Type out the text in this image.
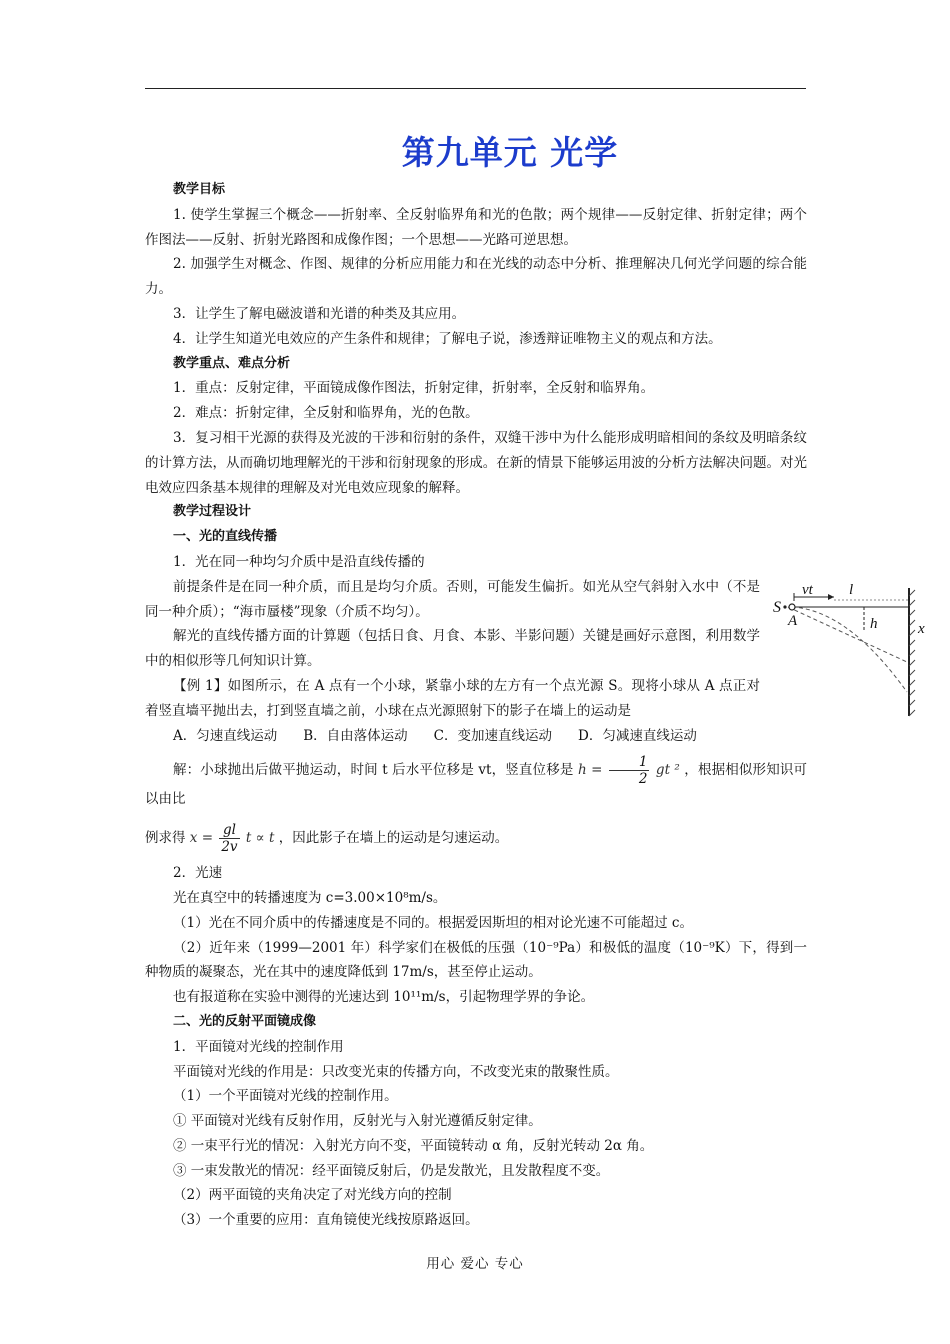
第九单元 光学

教学目标

1. 使学生掌握三个概念——折射率、全反射临界角和光的色散；两个规律——反射定律、折射定律；两个作图法——反射、折射光路图和成像作图；一个思想——光路可逆思想。

2. 加强学生对概念、作图、规律的分析应用能力和在光线的动态中分析、推理解决几何光学问题的综合能力。

3．让学生了解电磁波谱和光谱的种类及其应用。

4．让学生知道光电效应的产生条件和规律；了解电子说，渗透辩证唯物主义的观点和方法。

教学重点、难点分析

1．重点：反射定律，平面镜成像作图法，折射定律，折射率，全反射和临界角。

2．难点：折射定律，全反射和临界角，光的色散。

3．复习相干光源的获得及光波的干涉和衍射的条件，双缝干涉中为什么能形成明暗相间的条纹及明暗条纹的计算方法，从而确切地理解光的干涉和衍射现象的形成。在新的情景下能够运用波的分析方法解决问题。对光电效应四条基本规律的理解及对光电效应现象的解释。

教学过程设计

一、光的直线传播

1．光在同一种均匀介质中是沿直线传播的

前提条件是在同一种介质，而且是均匀介质。否则，可能发生偏折。如光从空气斜射入水中（不是同一种介质）；“海市蜃楼”现象（介质不均匀）。

解光的直线传播方面的计算题（包括日食、月食、本影、半影问题）关键是画好示意图，利用数学中的相似形等几何知识计算。

【例 1】如图所示，在 A 点有一个小球，紧靠小球的左方有一个点光源 S。现将小球从 A 点正对着竖直墙平抛出去，打到竖直墙之前，小球在点光源照射下的影子在墙上的运动是

A．匀速直线运动 B．自由落体运动 C．变加速直线运动 D．匀减速直线运动

解：小球抛出后做平抛运动，时间 t 后水平位移是 vt，竖直位移是 $h = \frac{1}{2}$ gt ² ，根据相似形知识可以由比

例求得 $x = \frac{gl}{2v}$ t ∝ t ，因此影子在墙上的运动是匀速运动。

2．光速

光在真空中的转播速度为 c=3.00×10⁸m/s。

（1）光在不同介质中的传播速度是不同的。根据爱因斯坦的相对论光速不可能超过 c。

（2）近年来（1999—2001 年）科学家们在极低的压强（10⁻⁹Pa）和极低的温度（10⁻⁹K）下，得到一种物质的凝聚态，光在其中的速度降低到 17m/s，甚至停止运动。

也有报道称在实验中测得的光速达到 10¹¹m/s，引起物理学界的争论。

二、光的反射平面镜成像

1．平面镜对光线的控制作用

平面镜对光线的作用是：只改变光束的传播方向，不改变光束的散聚性质。

（1）一个平面镜对光线的控制作用。

① 平面镜对光线有反射作用，反射光与入射光遵循反射定律。

② 一束平行光的情况：入射光方向不变，平面镜转动 α 角，反射光转动 2α 角。

③ 一束发散光的情况：经平面镜反射后，仍是发散光，且发散程度不变。

（2）两平面镜的夹角决定了对光线方向的控制

（3）一个重要的应用：直角镜使光线按原路返回。

S
A
vt l
h	x
用心 爱心 专心
